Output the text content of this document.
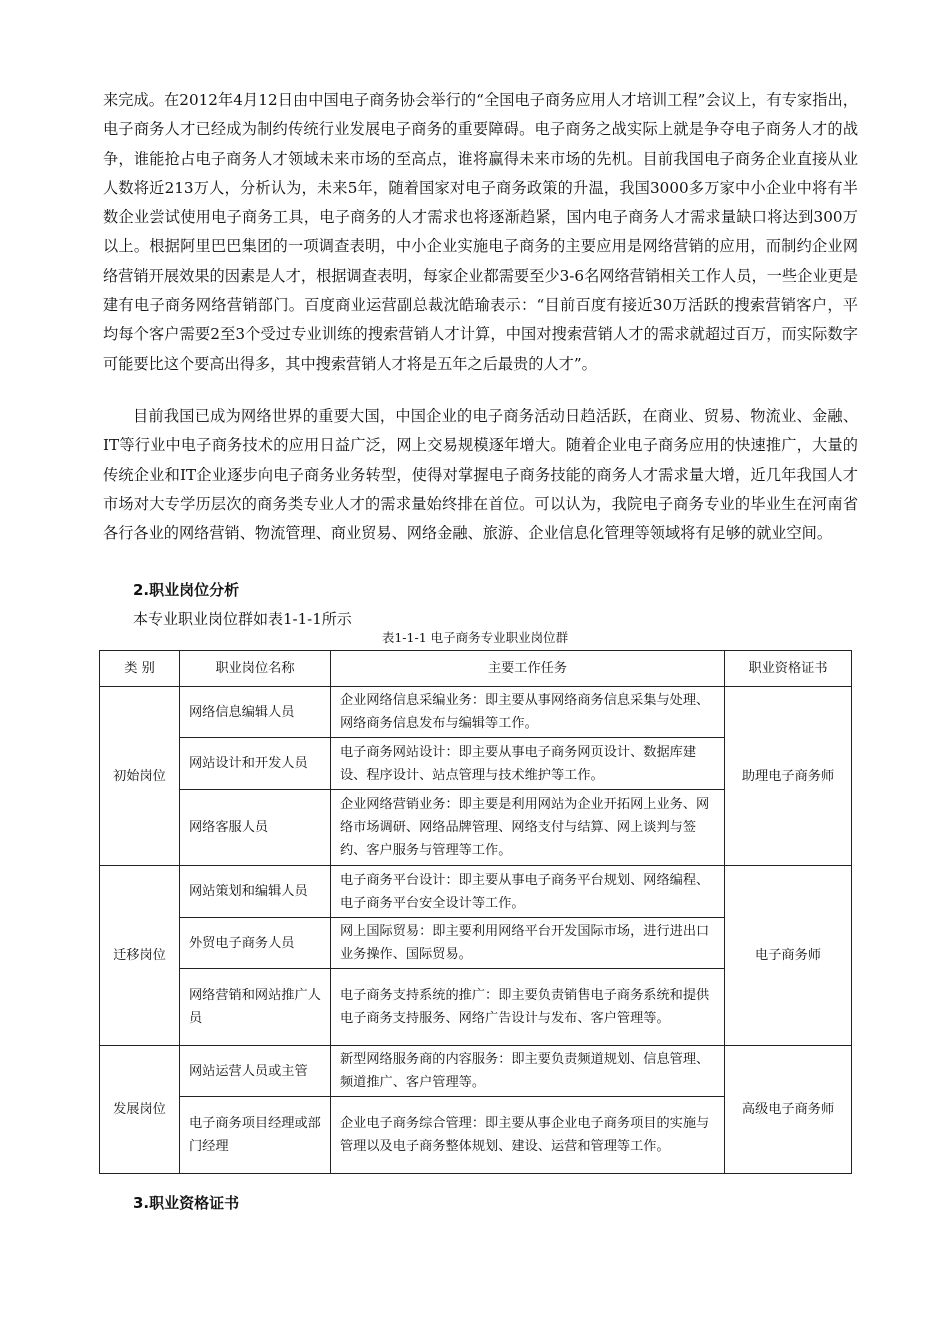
来完成。在2012年4月12日由中国电子商务协会举行的“全国电子商务应用人才培训工程”会议上，有专家指出，电子商务人才已经成为制约传统行业发展电子商务的重要障碍。电子商务之战实际上就是争夺电子商务人才的战争，谁能抢占电子商务人才领域未来市场的至高点，谁将赢得未来市场的先机。目前我国电子商务企业直接从业人数将近213万人，分析认为，未来5年，随着国家对电子商务政策的升温，我国3000多万家中小企业中将有半数企业尝试使用电子商务工具，电子商务的人才需求也将逐渐趋紧，国内电子商务人才需求量缺口将达到300万以上。根据阿里巴巴集团的一项调查表明，中小企业实施电子商务的主要应用是网络营销的应用，而制约企业网络营销开展效果的因素是人才，根据调查表明，每家企业都需要至少3-6名网络营销相关工作人员，一些企业更是建有电子商务网络营销部门。百度商业运营副总裁沈皓瑜表示：“目前百度有接近30万活跃的搜索营销客户，平均每个客户需要2至3个受过专业训练的搜索营销人才计算，中国对搜索营销人才的需求就超过百万，而实际数字可能要比这个要高出得多，其中搜索营销人才将是五年之后最贵的人才”。

目前我国已成为网络世界的重要大国，中国企业的电子商务活动日趋活跃，在商业、贸易、物流业、金融、IT等行业中电子商务技术的应用日益广泛，网上交易规模逐年增大。随着企业电子商务应用的快速推广，大量的传统企业和IT企业逐步向电子商务业务转型，使得对掌握电子商务技能的商务人才需求量大增，近几年我国人才市场对大专学历层次的商务类专业人才的需求量始终排在首位。可以认为，我院电子商务专业的毕业生在河南省各行各业的网络营销、物流管理、商业贸易、网络金融、旅游、企业信息化管理等领域将有足够的就业空间。

2.职业岗位分析

本专业职业岗位群如表1-1-1所示

表1-1-1 电子商务专业职业岗位群

类 别	职业岗位名称	主要工作任务	职业资格证书
初始岗位	网络信息编辑人员	企业网络信息采编业务：即主要从事网络商务信息采集与处理、网络商务信息发布与编辑等工作。	助理电子商务师
	网站设计和开发人员	电子商务网站设计：即主要从事电子商务网页设计、数据库建设、程序设计、站点管理与技术维护等工作。	
	网络客服人员	企业网络营销业务：即主要是利用网站为企业开拓网上业务、网络市场调研、网络品牌管理、网络支付与结算、网上谈判与签约、客户服务与管理等工作。	
迁移岗位	网站策划和编辑人员	电子商务平台设计：即主要从事电子商务平台规划、网络编程、电子商务平台安全设计等工作。	电子商务师
	外贸电子商务人员	网上国际贸易：即主要利用网络平台开发国际市场，进行进出口业务操作、国际贸易。	
	网络营销和网站推广人员	电子商务支持系统的推广：即主要负责销售电子商务系统和提供电子商务支持服务、网络广告设计与发布、客户管理等。	
发展岗位	网站运营人员或主管	新型网络服务商的内容服务：即主要负责频道规划、信息管理、频道推广、客户管理等。	高级电子商务师
	电子商务项目经理或部门经理	企业电子商务综合管理：即主要从事企业电子商务项目的实施与管理以及电子商务整体规划、建设、运营和管理等工作。	
3.职业资格证书
